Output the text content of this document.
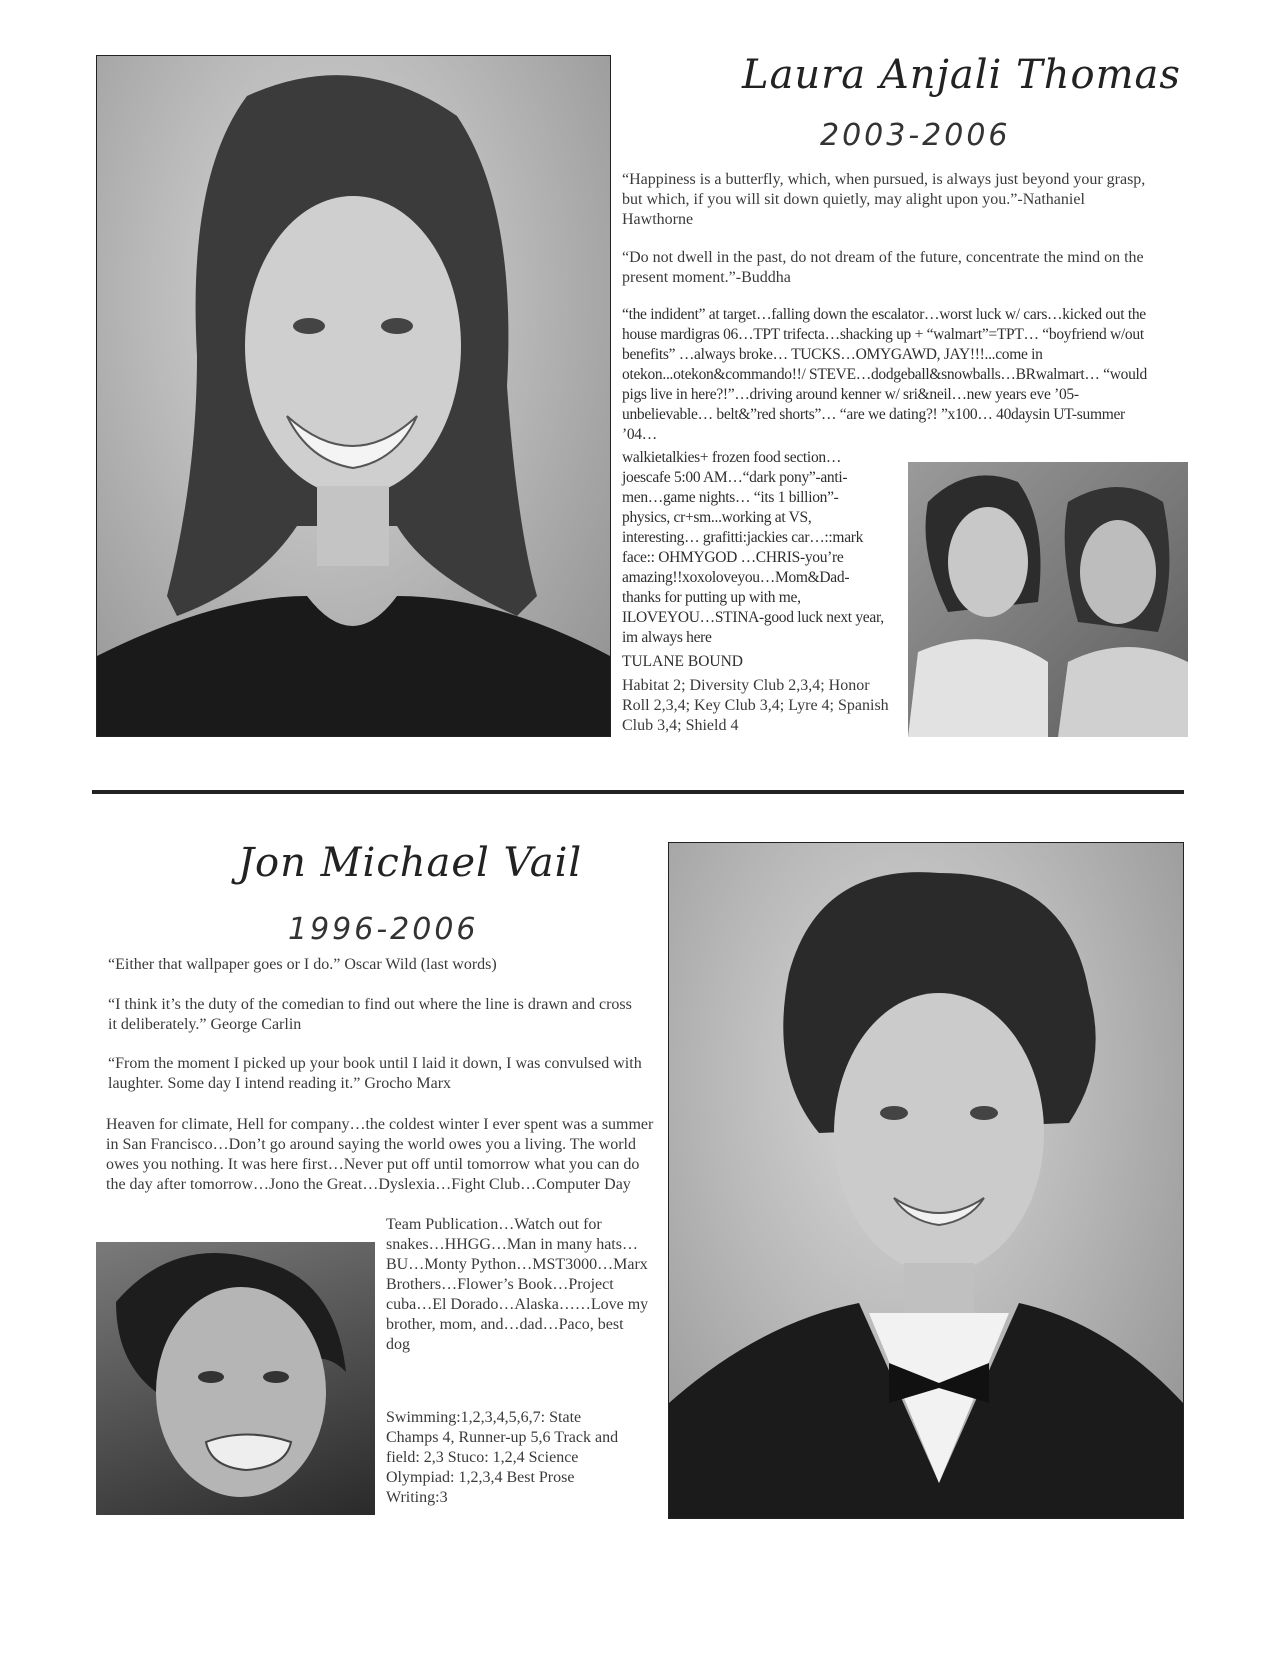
Laura Anjali Thomas
2003-2006
“Happiness is a butterfly, which, when pursued, is always just beyond your grasp, but which, if you will sit down quietly, may alight upon you.”-Nathaniel Hawthorne
“Do not dwell in the past, do not dream of the future, concentrate the mind on the present moment.”-Buddha
“the indident” at target…falling down the escalator…worst luck w/ cars…kicked out the house mardigras 06…TPT trifecta…shacking up + “walmart”=TPT… “boyfriend w/out benefits” …always broke… TUCKS…OMYGAWD, JAY!!!...come in otekon...otekon&commando!!/ STEVE…dodgeball&snowballs…BRwalmart… “would pigs live in here?!”…driving around kenner w/ sri&neil…new years eve ’05-unbelievable… belt&”red shorts”… “are we dating?! ”x100… 40daysin UT-summer ’04…
walkietalkies+ frozen food section… joescafe 5:00 AM…“dark pony”-anti-men…game nights… “its 1 billion”-physics, cr+sm...working at VS, interesting… grafitti:jackies car…::mark face:: OHMYGOD …CHRIS-you’re amazing!!xoxoloveyou…Mom&Dad-thanks for putting up with me, ILOVEYOU…STINA-good luck next year, im always here
TULANE BOUND
Habitat 2; Diversity Club 2,3,4; Honor Roll 2,3,4; Key Club 3,4; Lyre 4; Spanish Club 3,4; Shield 4
Jon Michael Vail
1996-2006
“Either that wallpaper goes or I do.” Oscar Wild (last words)
“I think it’s the duty of the comedian to find out where the line is drawn and cross it deliberately.” George Carlin
“From the moment I picked up your book until I laid it down, I was convulsed with laughter. Some day I intend reading it.” Grocho Marx
Heaven for climate, Hell for company…the coldest winter I ever spent was a summer in San Francisco…Don’t go around saying the world owes you a living. The world owes you nothing. It was here first…Never put off until tomorrow what you can do the day after tomorrow…Jono the Great…Dyslexia…Fight Club…Computer Day
Team Publication…Watch out for snakes…HHGG…Man in many hats…BU…Monty Python…MST3000…Marx Brothers…Flower’s Book…Project cuba…El Dorado…Alaska……Love my brother, mom, and…dad…Paco, best dog
Swimming:1,2,3,4,5,6,7: State Champs 4, Runner-up 5,6 Track and field: 2,3 Stuco: 1,2,4 Science Olympiad: 1,2,3,4 Best Prose Writing:3
